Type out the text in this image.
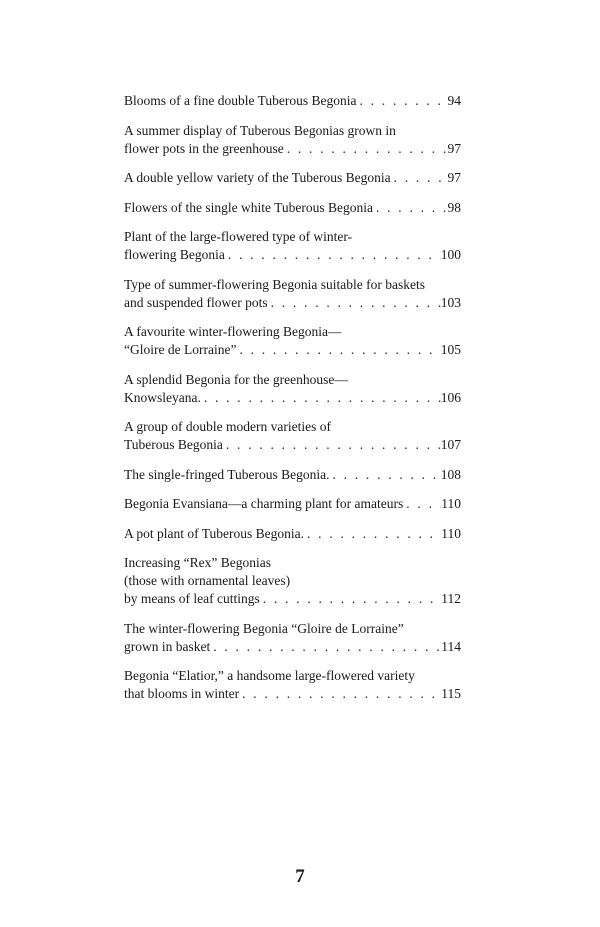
Blooms of a fine double Tuberous Begonia . . .	94
A summer display of Tuberous Begonias grown in
flower pots in the greenhouse . . .	97
A double yellow variety of the Tuberous Begonia . . .	97
Flowers of the single white Tuberous Begonia . . .	98
Plant of the large-flowered type of winter-
flowering Begonia . . .	100
Type of summer-flowering Begonia suitable for baskets
and suspended flower pots . . .	103
A favourite winter-flowering Begonia—
“Gloire de Lorraine” . . .	105
A splendid Begonia for the greenhouse—
Knowsleyana. . . .	106
A group of double modern varieties of
Tuberous Begonia . . .	107
The single-fringed Tuberous Begonia. . . .	108
Begonia Evansiana—a charming plant for amateurs . . .	110
A pot plant of Tuberous Begonia. . . .	110
Increasing “Rex” Begonias
(those with ornamental leaves)
by means of leaf cuttings . . .	112
The winter-flowering Begonia “Gloire de Lorraine”
grown in basket . . .	114
Begonia “Elatior,” a handsome large-flowered variety
that blooms in winter . . .	115
7
